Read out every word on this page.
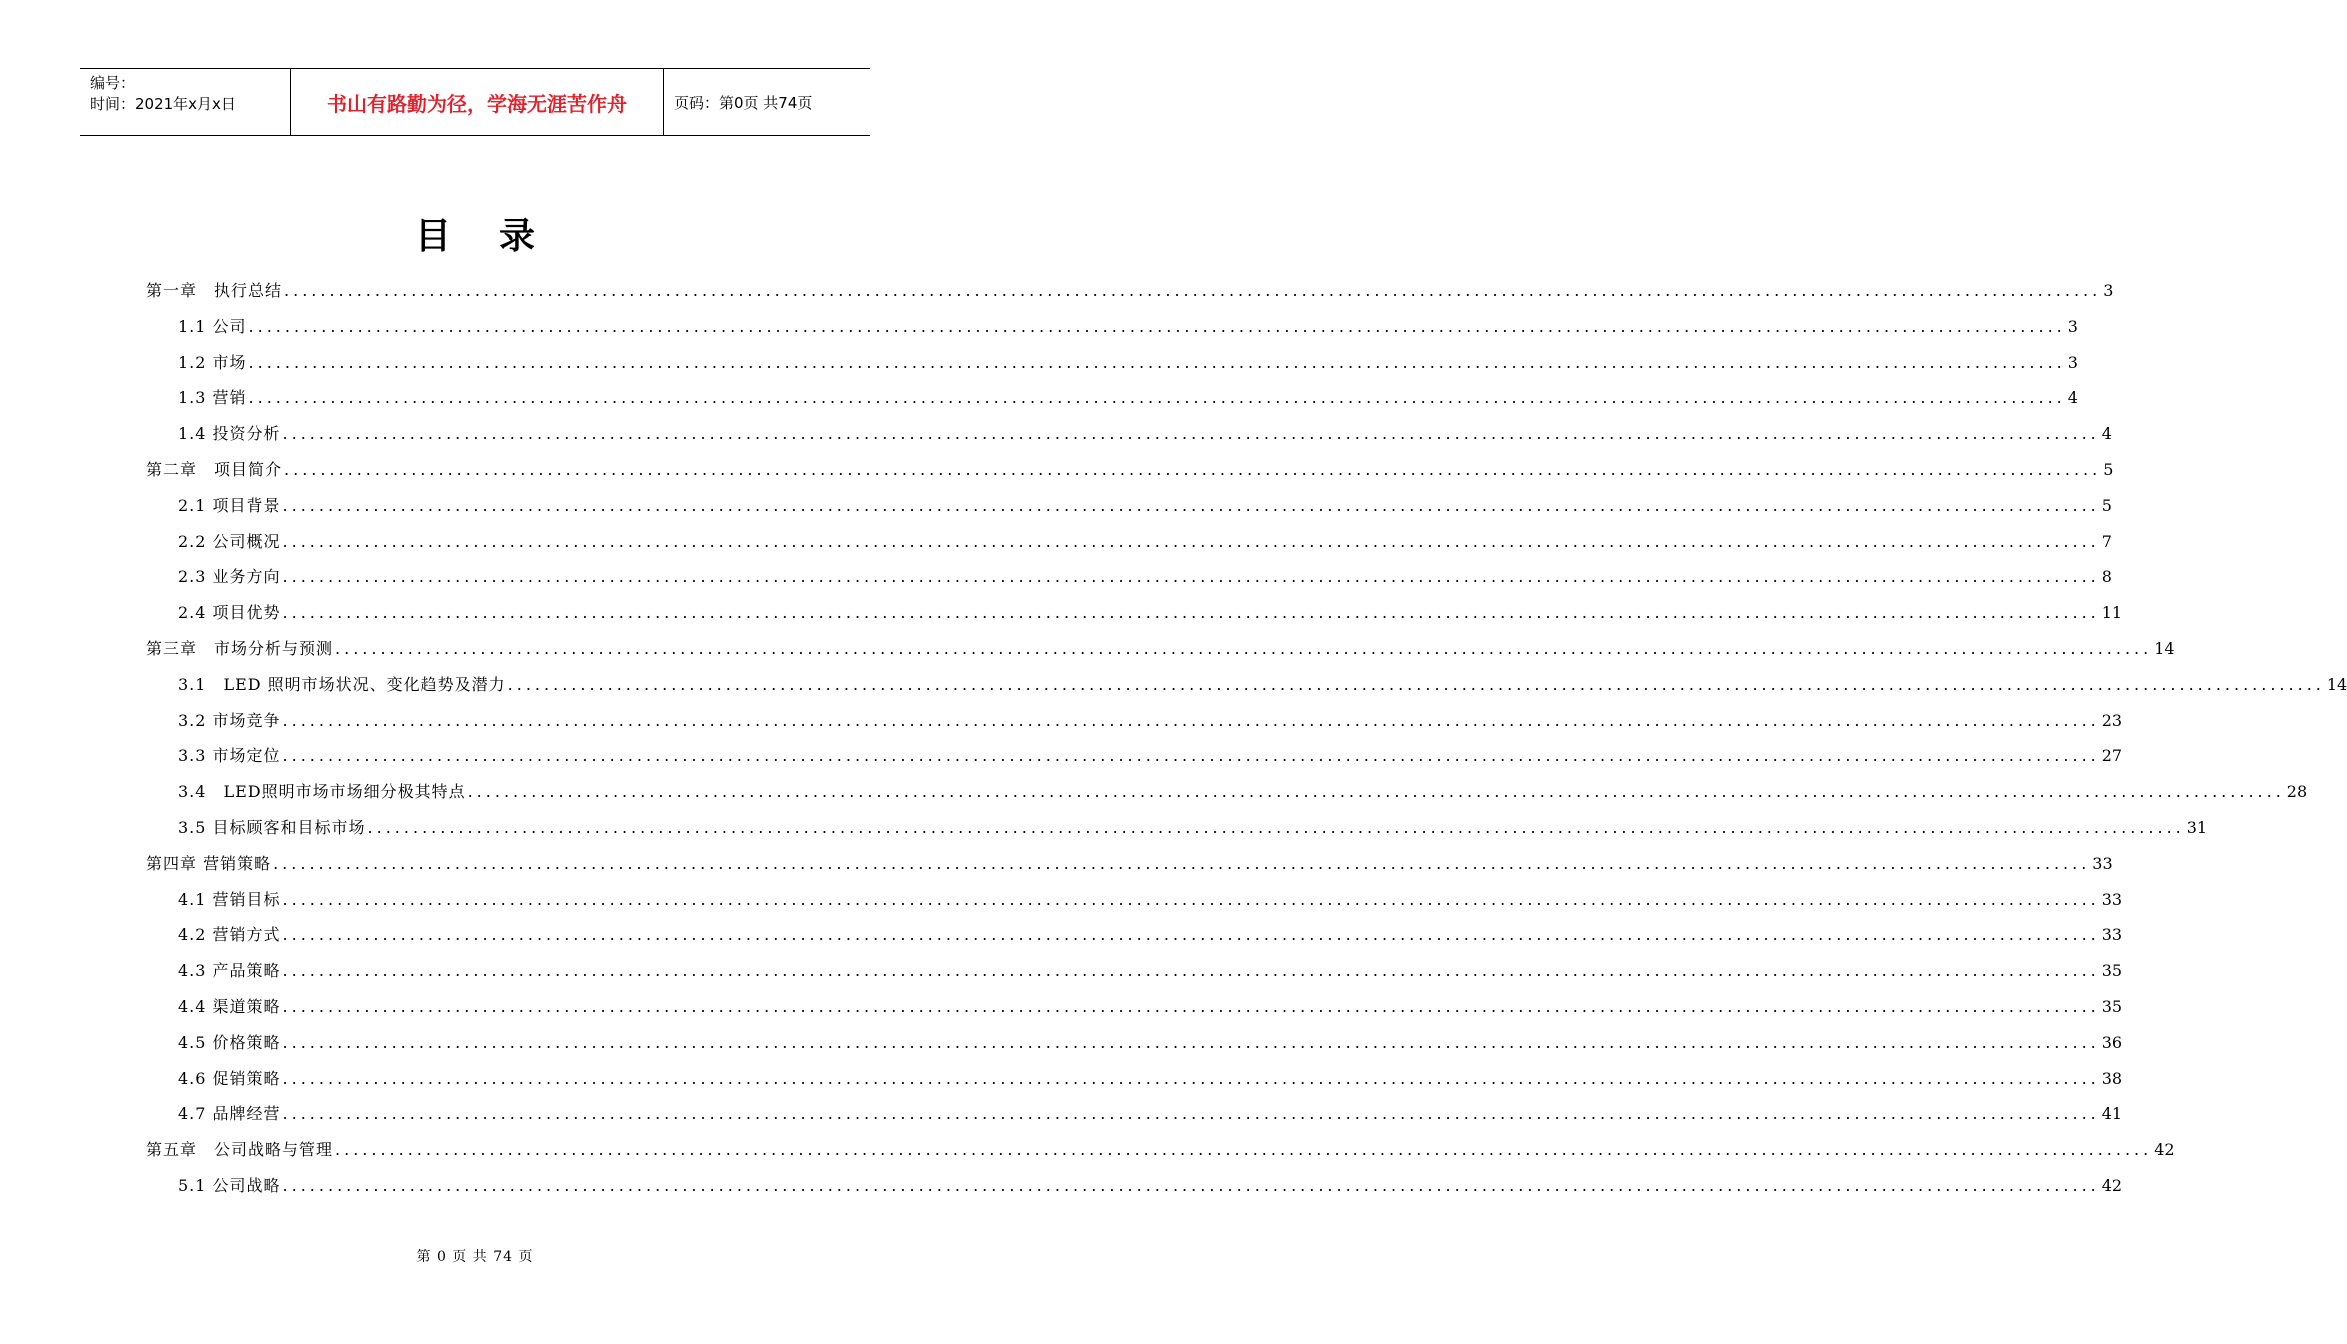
编号：
时间：2021年x月x日	书山有路勤为径，学海无涯苦作舟	页码：第0页 共74页
目录
第一章　执行总结 ........................................................................................................................................................................................................ 3
1.1 公司 ........................................................................................................................................................................................................ 3
1.2 市场 ........................................................................................................................................................................................................ 3
1.3 营销 ........................................................................................................................................................................................................ 4
1.4 投资分析 ........................................................................................................................................................................................................ 4
第二章　项目简介 ........................................................................................................................................................................................................ 5
2.1 项目背景 ........................................................................................................................................................................................................ 5
2.2 公司概况 ........................................................................................................................................................................................................ 7
2.3 业务方向 ........................................................................................................................................................................................................ 8
2.4 项目优势 ........................................................................................................................................................................................................ 11
第三章　市场分析与预测 ........................................................................................................................................................................................................ 14
3.1　LED 照明市场状况、变化趋势及潜力 ........................................................................................................................................................................................................ 14
3.2 市场竞争 ........................................................................................................................................................................................................ 23
3.3 市场定位 ........................................................................................................................................................................................................ 27
3.4　LED照明市场市场细分极其特点 ........................................................................................................................................................................................................ 28
3.5 目标顾客和目标市场 ........................................................................................................................................................................................................ 31
第四章 营销策略 ........................................................................................................................................................................................................ 33
4.1 营销目标 ........................................................................................................................................................................................................ 33
4.2 营销方式 ........................................................................................................................................................................................................ 33
4.3 产品策略 ........................................................................................................................................................................................................ 35
4.4 渠道策略 ........................................................................................................................................................................................................ 35
4.5 价格策略 ........................................................................................................................................................................................................ 36
4.6 促销策略 ........................................................................................................................................................................................................ 38
4.7 品牌经营 ........................................................................................................................................................................................................ 41
第五章　公司战略与管理 ........................................................................................................................................................................................................ 42
5.1 公司战略 ........................................................................................................................................................................................................ 42
第 0 页 共 74 页
